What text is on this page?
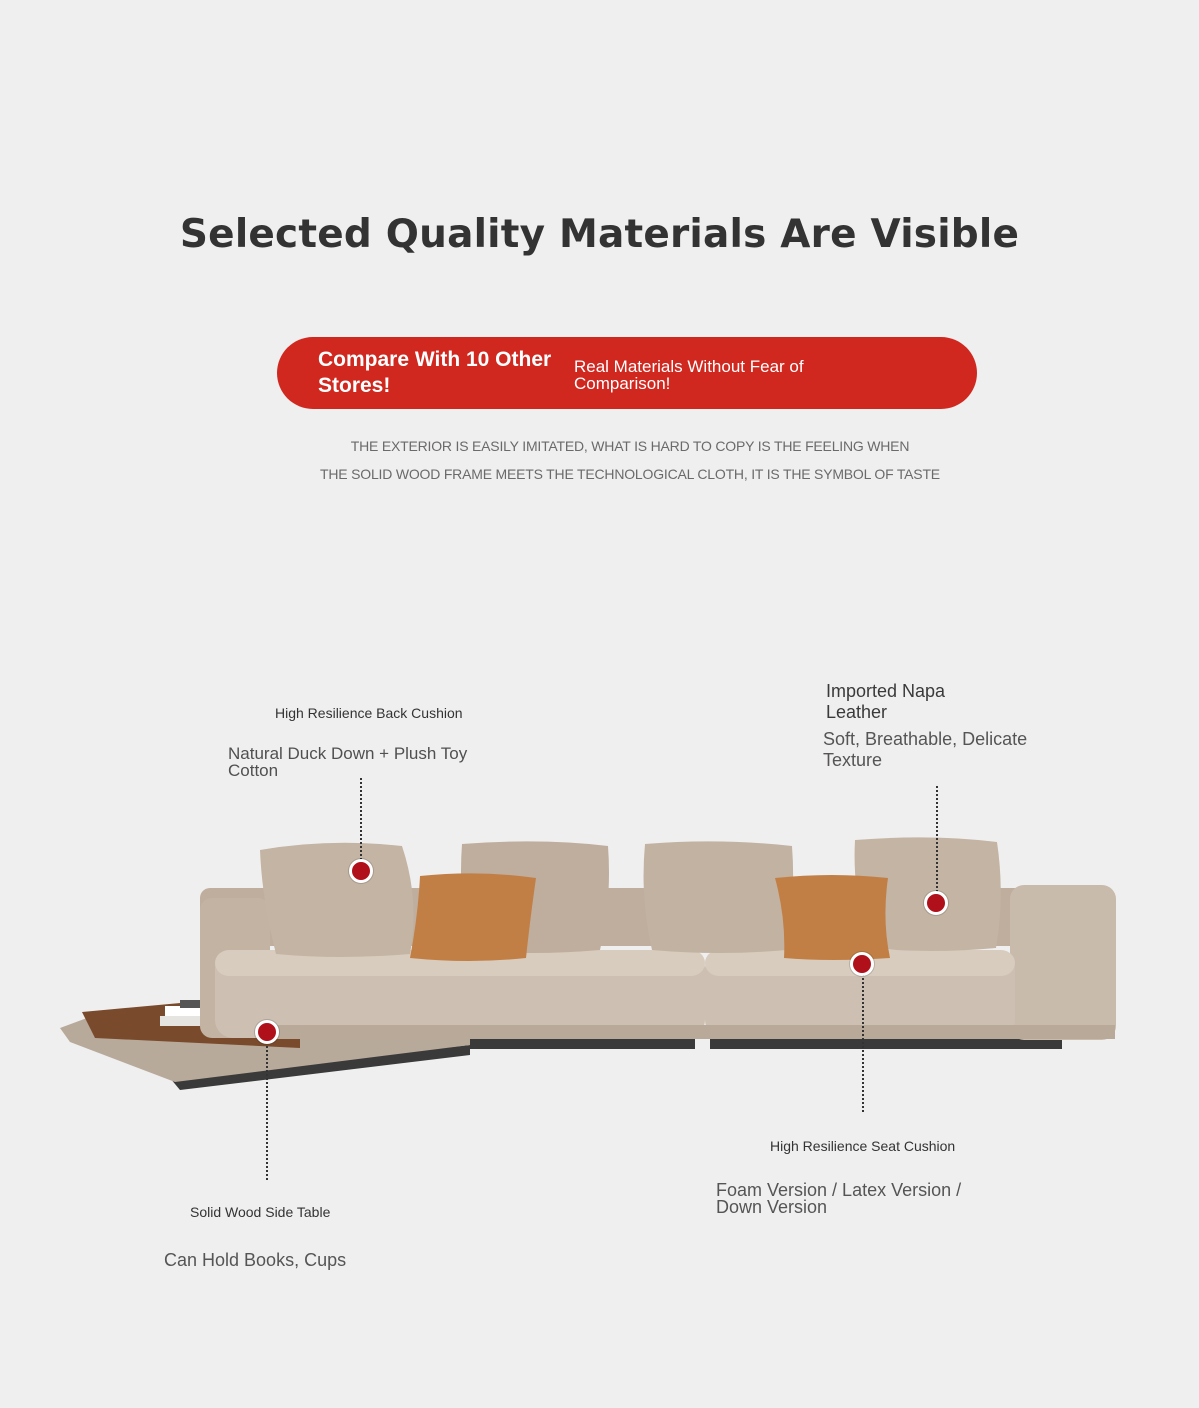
Selected Quality Materials Are Visible
Compare With 10 Other Stores!
Real Materials Without Fear of Comparison!
THE EXTERIOR IS EASILY IMITATED, WHAT IS HARD TO COPY IS THE FEELING WHEN
THE SOLID WOOD FRAME MEETS THE TECHNOLOGICAL CLOTH, IT IS THE SYMBOL OF TASTE
High Resilience Back Cushion
Natural Duck Down + Plush Toy Cotton
Imported Napa Leather
Soft, Breathable, Delicate Texture
High Resilience Seat Cushion
Foam Version / Latex Version / Down Version
Solid Wood Side Table
Can Hold Books, Cups
